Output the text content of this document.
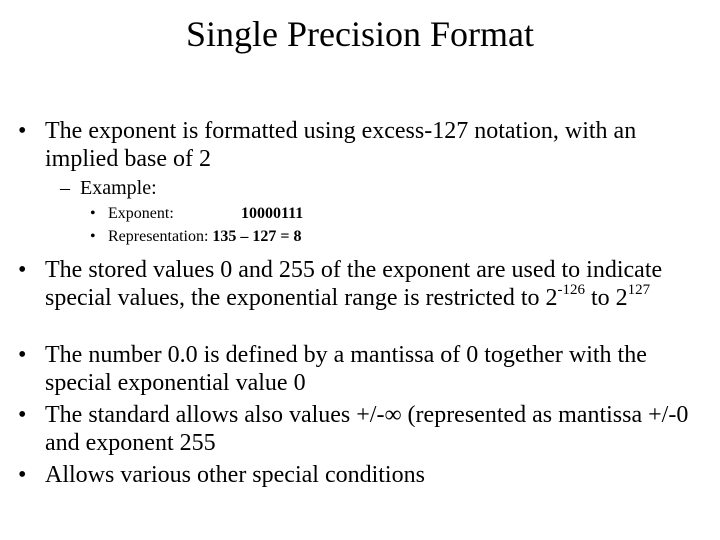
Single Precision Format
• The exponent is formatted using excess-127 notation, with an implied base of 2
– Example:
• Exponent:	10000111
• Representation: 135 – 127 = 8
• The stored values 0 and 255 of the exponent are used to indicate special values, the exponential range is restricted to $2^{-126}$ to $2^{127}$
• The number 0.0 is defined by a mantissa of 0 together with the special exponential value 0
• The standard allows also values +/-∞ (represented as mantissa +/-0 and exponent 255
• Allows various other special conditions
